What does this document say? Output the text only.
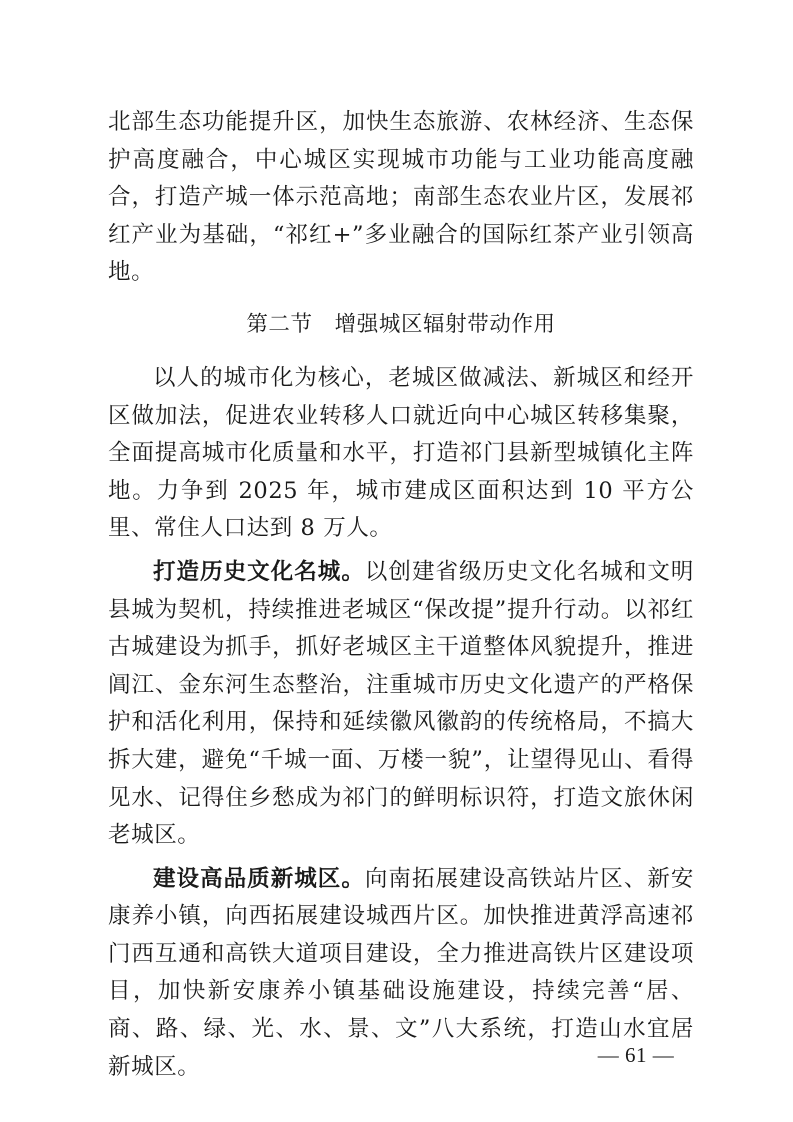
北部生态功能提升区，加快生态旅游、农林经济、生态保护高度融合，中心城区实现城市功能与工业功能高度融合，打造产城一体示范高地；南部生态农业片区，发展祁红产业为基础，“祁红+”多业融合的国际红茶产业引领高地。

第二节 增强城区辐射带动作用

以人的城市化为核心，老城区做减法、新城区和经开区做加法，促进农业转移人口就近向中心城区转移集聚，全面提高城市化质量和水平，打造祁门县新型城镇化主阵地。力争到 2025 年，城市建成区面积达到 10 平方公里、常住人口达到 8 万人。

打造历史文化名城。以创建省级历史文化名城和文明县城为契机，持续推进老城区“保改提”提升行动。以祁红古城建设为抓手，抓好老城区主干道整体风貌提升，推进阊江、金东河生态整治，注重城市历史文化遗产的严格保护和活化利用，保持和延续徽风徽韵的传统格局，不搞大拆大建，避免“千城一面、万楼一貌”，让望得见山、看得见水、记得住乡愁成为祁门的鲜明标识符，打造文旅休闲老城区。

建设高品质新城区。向南拓展建设高铁站片区、新安康养小镇，向西拓展建设城西片区。加快推进黄浮高速祁门西互通和高铁大道项目建设，全力推进高铁片区建设项目，加快新安康养小镇基础设施建设，持续完善“居、商、路、绿、光、水、景、文”八大系统，打造山水宜居新城区。	— 61 —
